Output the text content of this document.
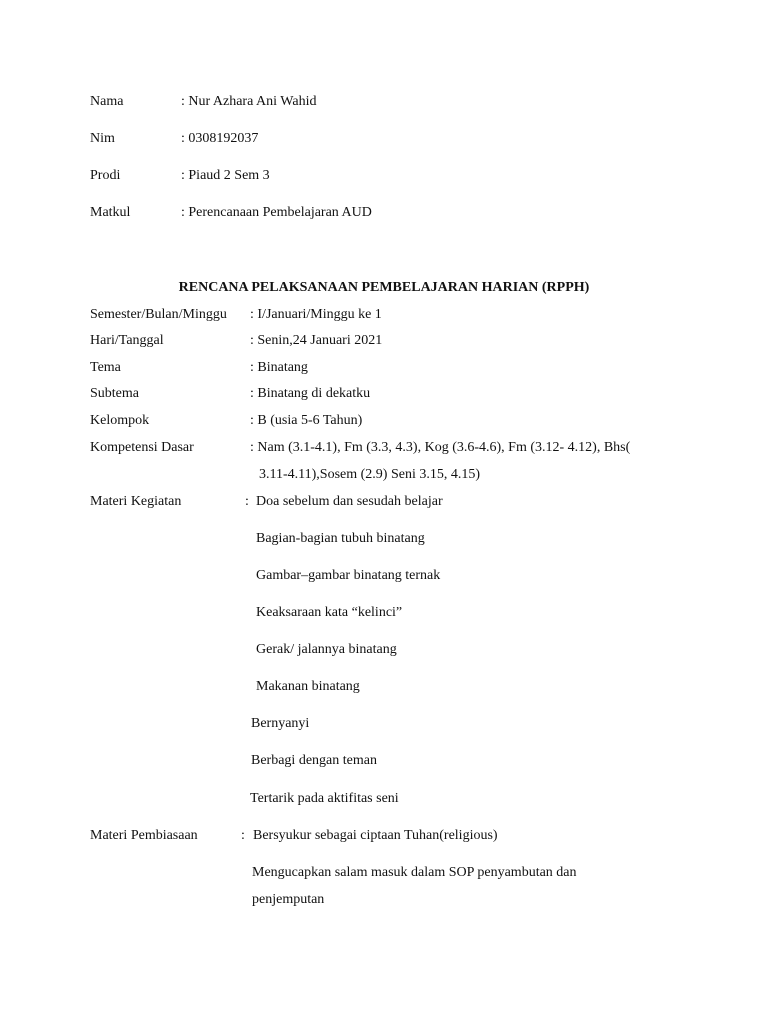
Nama	: Nur Azhara Ani Wahid
Nim	: 0308192037
Prodi	: Piaud 2 Sem 3
Matkul	: Perencanaan Pembelajaran AUD
RENCANA PELAKSANAAN PEMBELAJARAN HARIAN (RPPH)
Semester/Bulan/Minggu : I/Januari/Minggu ke 1
Hari/Tanggal	: Senin,24 Januari 2021
Tema	: Binatang
Subtema	: Binatang di dekatku
Kelompok	: B (usia 5-6 Tahun)
Kompetensi Dasar	: Nam (3.1-4.1), Fm (3.3, 4.3), Kog (3.6-4.6), Fm (3.12- 4.12), Bhs(
3.11-4.11),Sosem (2.9) Seni 3.15, 4.15)
Materi Kegiatan	: Doa sebelum dan sesudah belajar
Bagian-bagian tubuh binatang
Gambar–gambar binatang ternak
Keaksaraan kata “kelinci”
Gerak/ jalannya binatang
Makanan binatang
Bernyanyi
Berbagi dengan teman
Tertarik pada aktifitas seni
Materi Pembiasaan	: Bersyukur sebagai ciptaan Tuhan(religious)
Mengucapkan salam masuk dalam SOP penyambutan dan
penjemputan
